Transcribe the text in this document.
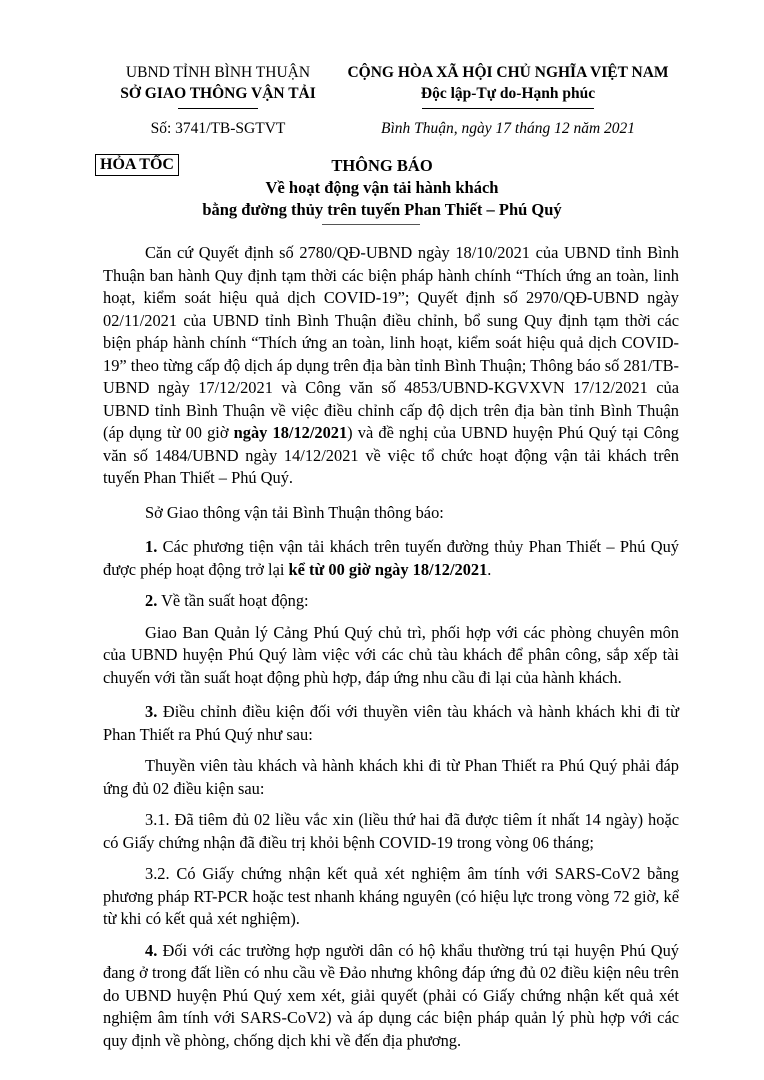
UBND TỈNH BÌNH THUẬN
SỞ GIAO THÔNG VẬN TẢI
CỘNG HÒA XÃ HỘI CHỦ NGHĨA VIỆT NAM
Độc lập-Tự do-Hạnh phúc
Số: 3741/TB-SGTVT	Bình Thuận, ngày 17 tháng 12 năm 2021
HỎA TỐC	THÔNG BÁO
Về hoạt động vận tải hành khách
bằng đường thủy trên tuyến Phan Thiết – Phú Quý

Căn cứ Quyết định số 2780/QĐ-UBND ngày 18/10/2021 của UBND tỉnh Bình Thuận ban hành Quy định tạm thời các biện pháp hành chính “Thích ứng an toàn, linh hoạt, kiểm soát hiệu quả dịch COVID-19”; Quyết định số 2970/QĐ-UBND ngày 02/11/2021 của UBND tỉnh Bình Thuận điều chỉnh, bổ sung Quy định tạm thời các biện pháp hành chính “Thích ứng an toàn, linh hoạt, kiểm soát hiệu quả dịch COVID-19” theo từng cấp độ dịch áp dụng trên địa bàn tỉnh Bình Thuận; Thông báo số 281/TB-UBND ngày 17/12/2021 và Công văn số 4853/UBND-KGVXVN 17/12/2021 của UBND tỉnh Bình Thuận về việc điều chỉnh cấp độ dịch trên địa bàn tỉnh Bình Thuận (áp dụng từ 00 giờ ngày 18/12/2021) và đề nghị của UBND huyện Phú Quý tại Công văn số 1484/UBND ngày 14/12/2021 về việc tổ chức hoạt động vận tải khách trên tuyến Phan Thiết – Phú Quý.

Sở Giao thông vận tải Bình Thuận thông báo:

1. Các phương tiện vận tải khách trên tuyến đường thủy Phan Thiết – Phú Quý được phép hoạt động trở lại kể từ 00 giờ ngày 18/12/2021.

2. Về tần suất hoạt động:

Giao Ban Quản lý Cảng Phú Quý chủ trì, phối hợp với các phòng chuyên môn của UBND huyện Phú Quý làm việc với các chủ tàu khách để phân công, sắp xếp tài chuyến với tần suất hoạt động phù hợp, đáp ứng nhu cầu đi lại của hành khách.

3. Điều chỉnh điều kiện đối với thuyền viên tàu khách và hành khách khi đi từ Phan Thiết ra Phú Quý như sau:

Thuyền viên tàu khách và hành khách khi đi từ Phan Thiết ra Phú Quý phải đáp ứng đủ 02 điều kiện sau:

3.1. Đã tiêm đủ 02 liều vắc xin (liều thứ hai đã được tiêm ít nhất 14 ngày) hoặc có Giấy chứng nhận đã điều trị khỏi bệnh COVID-19 trong vòng 06 tháng;

3.2. Có Giấy chứng nhận kết quả xét nghiệm âm tính với SARS-CoV2 bằng phương pháp RT-PCR hoặc test nhanh kháng nguyên (có hiệu lực trong vòng 72 giờ, kể từ khi có kết quả xét nghiệm).

4. Đối với các trường hợp người dân có hộ khẩu thường trú tại huyện Phú Quý đang ở trong đất liền có nhu cầu về Đảo nhưng không đáp ứng đủ 02 điều kiện nêu trên do UBND huyện Phú Quý xem xét, giải quyết (phải có Giấy chứng nhận kết quả xét nghiệm âm tính với SARS-CoV2) và áp dụng các biện pháp quản lý phù hợp với các quy định về phòng, chống dịch khi về đến địa phương.
